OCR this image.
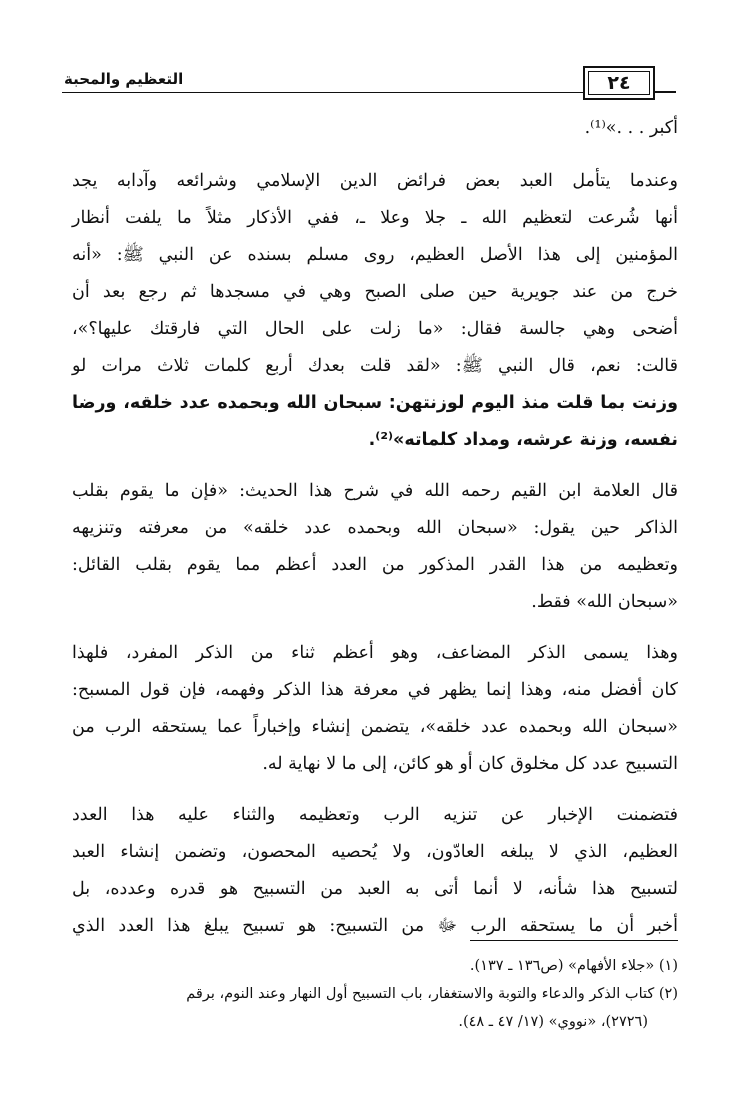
٢٤
التعظيم والمحبة
أكبر . . .»⁽¹⁾.
وعندما يتأمل العبد بعض فرائض الدين الإسلامي وشرائعه وآدابه يجد
أنها شُرعت لتعظيم الله ـ جلا وعلا ـ، ففي الأذكار مثلاً ما يلفت أنظار
المؤمنين إلى هذا الأصل العظيم، روى مسلم بسنده عن النبي ﷺ: «أنه
خرج من عند جويرية حين صلى الصبح وهي في مسجدها ثم رجع بعد أن
أضحى وهي جالسة فقال: «ما زلت على الحال التي فارقتك عليها؟»،
قالت: نعم، قال النبي ﷺ: «لقد قلت بعدك أربع كلمات ثلاث مرات لو
وزنت بما قلت منذ اليوم لوزنتهن: سبحان الله وبحمده عدد خلقه، ورضا
نفسه، وزنة عرشه، ومداد كلماته»⁽²⁾.
قال العلامة ابن القيم رحمه الله في شرح هذا الحديث: «فإن ما يقوم بقلب
الذاكر حين يقول: «سبحان الله وبحمده عدد خلقه» من معرفته وتنزيهه
وتعظيمه من هذا القدر المذكور من العدد أعظم مما يقوم بقلب القائل:
«سبحان الله» فقط.
وهذا يسمى الذكر المضاعف، وهو أعظم ثناء من الذكر المفرد، فلهذا
كان أفضل منه، وهذا إنما يظهر في معرفة هذا الذكر وفهمه، فإن قول المسبح:
«سبحان الله وبحمده عدد خلقه»، يتضمن إنشاء وإخباراً عما يستحقه الرب من
التسبيح عدد كل مخلوق كان أو هو كائن، إلى ما لا نهاية له.
فتضمنت الإخبار عن تنزيه الرب وتعظيمه والثناء عليه هذا العدد
العظيم، الذي لا يبلغه العادّون، ولا يُحصيه المحصون، وتضمن إنشاء العبد
لتسبيح هذا شأنه، لا أنما أتى به العبد من التسبيح هو قدره وعدده، بل
أخبر أن ما يستحقه الرب ﷻ من التسبيح: هو تسبيح يبلغ هذا العدد الذي
(١) «جلاء الأفهام» (ص١٣٦ ـ ١٣٧).
(٢) كتاب الذكر والدعاء والتوبة والاستغفار، باب التسبيح أول النهار وعند النوم، برقم
(٢٧٢٦)، «نووي» (١٧/ ٤٧ ـ ٤٨).
